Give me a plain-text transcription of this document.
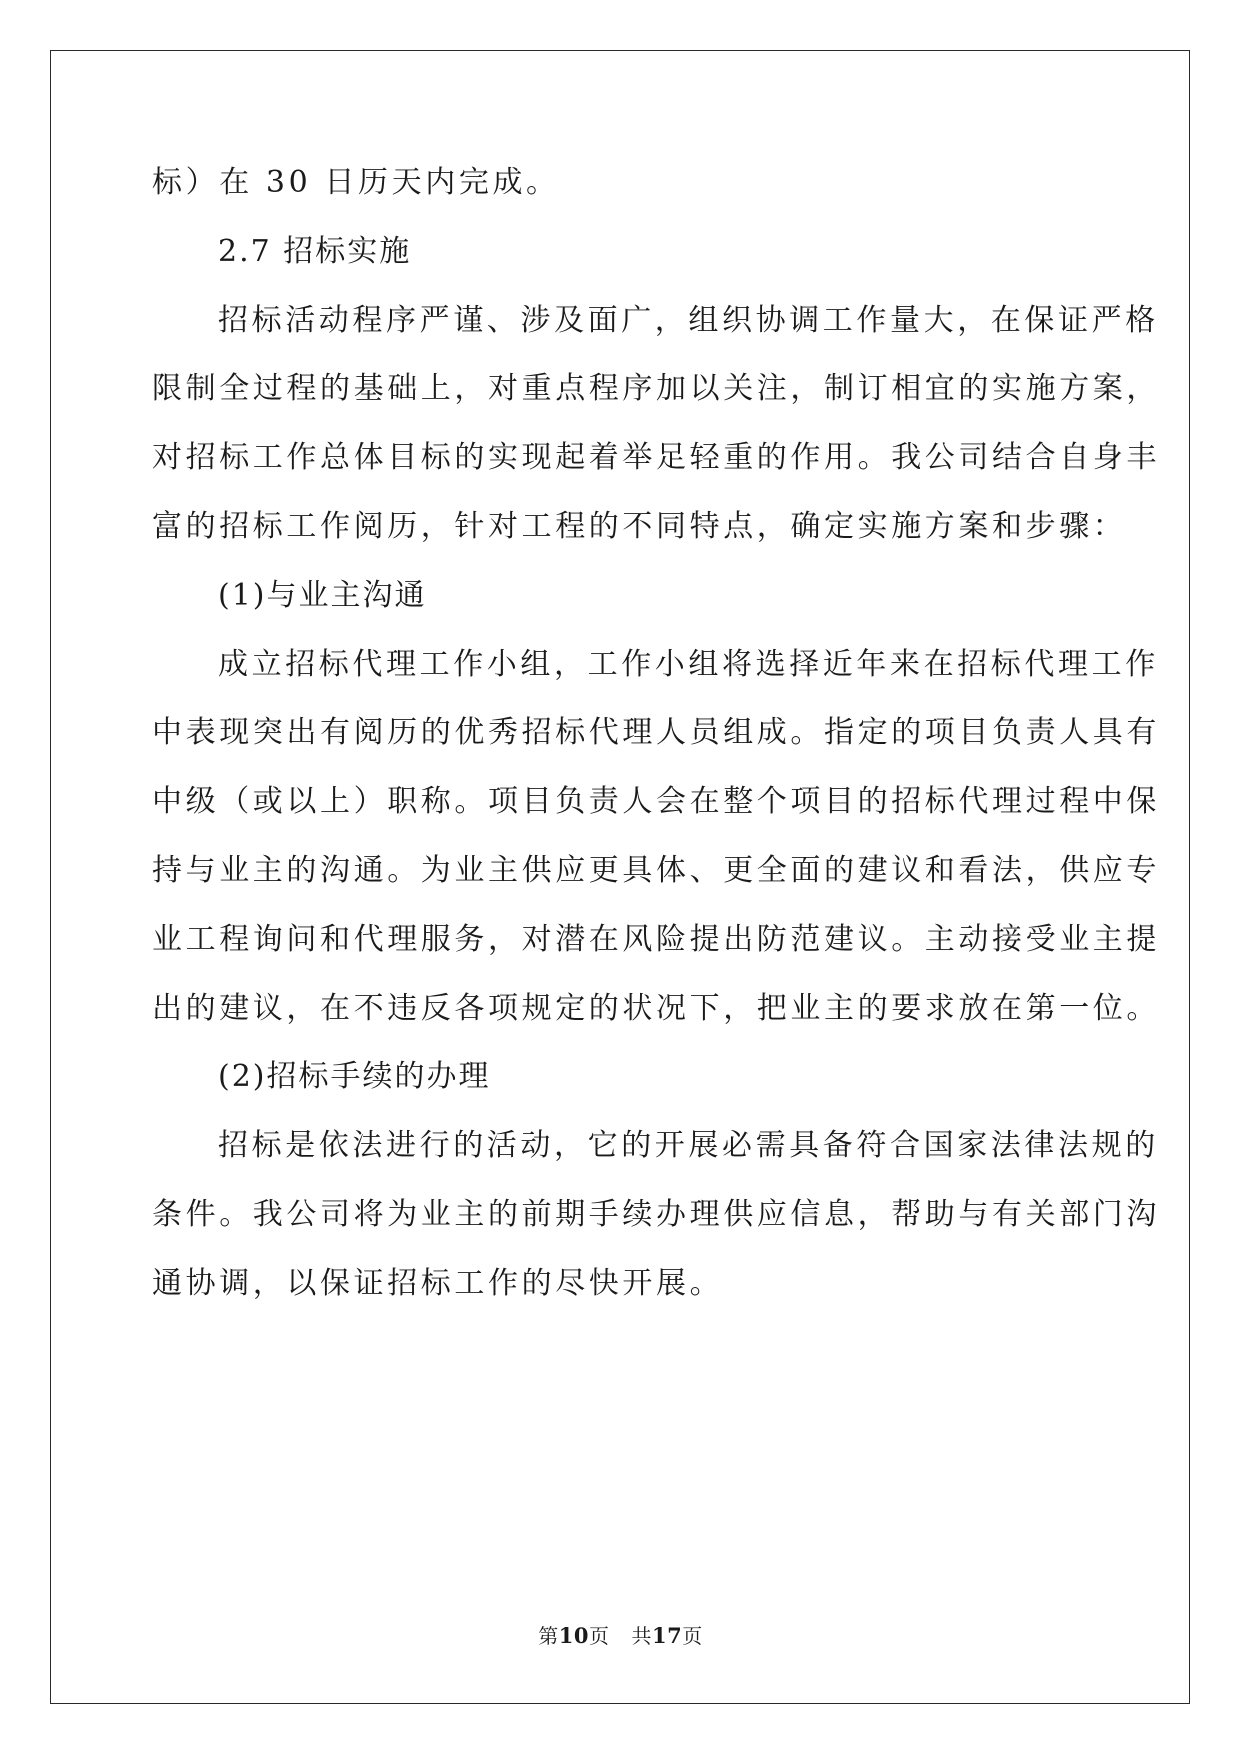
标）在 30 日历天内完成。
2.7 招标实施
招标活动程序严谨、涉及面广，组织协调工作量大，在保证严格
限制全过程的基础上，对重点程序加以关注，制订相宜的实施方案，
对招标工作总体目标的实现起着举足轻重的作用。我公司结合自身丰
富的招标工作阅历，针对工程的不同特点，确定实施方案和步骤：
(1)与业主沟通
成立招标代理工作小组，工作小组将选择近年来在招标代理工作
中表现突出有阅历的优秀招标代理人员组成。指定的项目负责人具有
中级（或以上）职称。项目负责人会在整个项目的招标代理过程中保
持与业主的沟通。为业主供应更具体、更全面的建议和看法，供应专
业工程询问和代理服务，对潜在风险提出防范建议。主动接受业主提
出的建议，在不违反各项规定的状况下，把业主的要求放在第一位。
(2)招标手续的办理
招标是依法进行的活动，它的开展必需具备符合国家法律法规的
条件。我公司将为业主的前期手续办理供应信息，帮助与有关部门沟
通协调，以保证招标工作的尽快开展。
第10页 共17页
